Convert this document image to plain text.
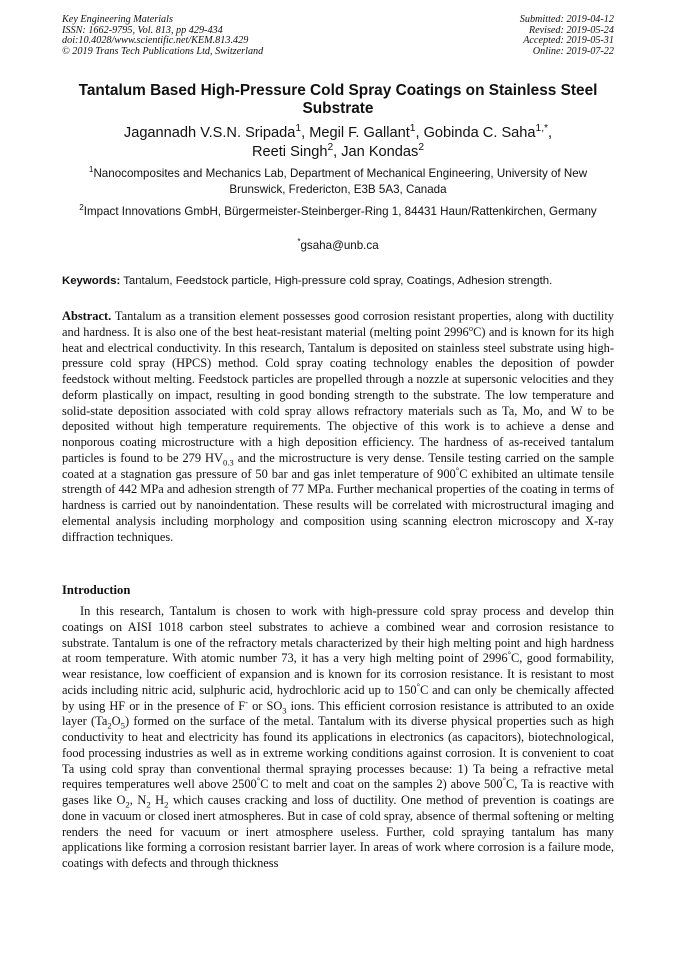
Key Engineering Materials
ISSN: 1662-9795, Vol. 813, pp 429-434
doi:10.4028/www.scientific.net/KEM.813.429
© 2019 Trans Tech Publications Ltd, Switzerland
Submitted: 2019-04-12
Revised: 2019-05-24
Accepted: 2019-05-31
Online: 2019-07-22
Tantalum Based High-Pressure Cold Spray Coatings on Stainless Steel Substrate
Jagannadh V.S.N. Sripada$^1$, Megil F. Gallant$^1$, Gobinda C. Saha$^{1,*}$,
Reeti Singh$^2$, Jan Kondas$^2$
$^1$Nanocomposites and Mechanics Lab, Department of Mechanical Engineering, University of New Brunswick, Fredericton, E3B 5A3, Canada
$^2$Impact Innovations GmbH, Bürgermeister-Steinberger-Ring 1, 84431 Haun/Rattenkirchen, Germany
*gsaha@unb.ca
Keywords: Tantalum, Feedstock particle, High-pressure cold spray, Coatings, Adhesion strength.
Abstract. Tantalum as a transition element possesses good corrosion resistant properties, along with ductility and hardness. It is also one of the best heat-resistant material (melting point 2996$^o$C) and is known for its high heat and electrical conductivity. In this research, Tantalum is deposited on stainless steel substrate using high-pressure cold spray (HPCS) method. Cold spray coating technology enables the deposition of powder feedstock without melting. Feedstock particles are propelled through a nozzle at supersonic velocities and they deform plastically on impact, resulting in good bonding strength to the substrate. The low temperature and solid-state deposition associated with cold spray allows refractory materials such as Ta, Mo, and W to be deposited without high temperature requirements. The objective of this work is to achieve a dense and nonporous coating microstructure with a high deposition efficiency. The hardness of as-received tantalum particles is found to be 279 $HV_{0.3}$ and the microstructure is very dense. Tensile testing carried on the sample coated at a stagnation gas pressure of 50 bar and gas inlet temperature of 900°C exhibited an ultimate tensile strength of 442 MPa and adhesion strength of 77 MPa. Further mechanical properties of the coating in terms of hardness is carried out by nanoindentation. These results will be correlated with microstructural imaging and elemental analysis including morphology and composition using scanning electron microscopy and X-ray diffraction techniques.
Introduction
In this research, Tantalum is chosen to work with high-pressure cold spray process and develop thin coatings on AISI 1018 carbon steel substrates to achieve a combined wear and corrosion resistance to substrate. Tantalum is one of the refractory metals characterized by their high melting point and high hardness at room temperature. With atomic number 73, it has a very high melting point of 2996°C, good formability, wear resistance, low coefficient of expansion and is known for its corrosion resistance. It is resistant to most acids including nitric acid, sulphuric acid, hydrochloric acid up to 150°C and can only be chemically affected by using HF or in the presence of F- or $SO_3$ ions. This efficient corrosion resistance is attributed to an oxide layer $(Ta_2O_5)$ formed on the surface of the metal. Tantalum with its diverse physical properties such as high conductivity to heat and electricity has found its applications in electronics (as capacitors), biotechnological, food processing industries as well as in extreme working conditions against corrosion. It is convenient to coat Ta using cold spray than conventional thermal spraying processes because: 1) Ta being a refractive metal requires temperatures well above 2500°C to melt and coat on the samples 2) above 500°C, Ta is reactive with gases like $O_2$, $N_2$ $H_2$ which causes cracking and loss of ductility. One method of prevention is coatings are done in vacuum or closed inert atmospheres. But in case of cold spray, absence of thermal softening or melting renders the need for vacuum or inert atmosphere useless. Further, cold spraying tantalum has many applications like forming a corrosion resistant barrier layer. In areas of work where corrosion is a failure mode, coatings with defects and through thickness
